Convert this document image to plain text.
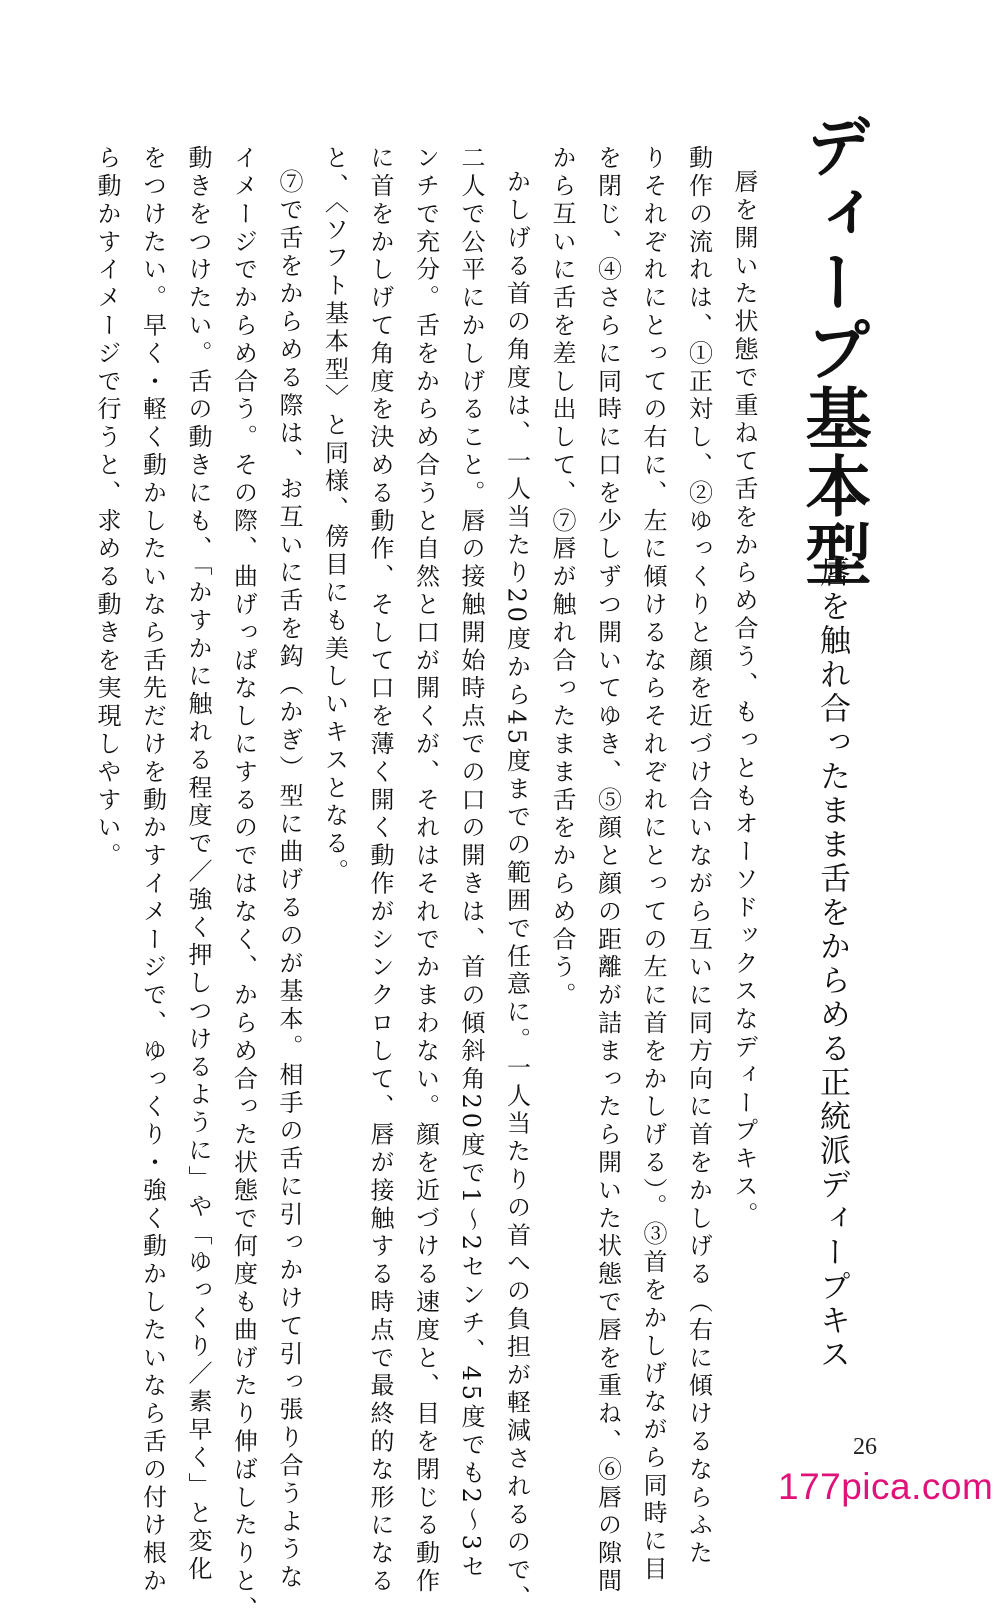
ディープ基本型
唇を触れ合ったまま舌をからめる正統派ディープキス
唇を開いた状態で重ねて舌をからめ合う、もっともオーソドックスなディープキス。
動作の流れは、①正対し、②ゆっくりと顔を近づけ合いながら互いに同方向に首をかしげる（右に傾けるならふた
りそれぞれにとっての右に、左に傾けるならそれぞれにとっての左に首をかしげる）。③首をかしげながら同時に目
を閉じ、④さらに同時に口を少しずつ開いてゆき、⑤顔と顔の距離が詰まったら開いた状態で唇を重ね、⑥唇の隙間
から互いに舌を差し出して、⑦唇が触れ合ったまま舌をからめ合う。
かしげる首の角度は、一人当たり20度から45度までの範囲で任意に。一人当たりの首への負担が軽減されるので、
二人で公平にかしげること。唇の接触開始時点での口の開きは、首の傾斜角20度で1～2センチ、45度でも2～3セ
ンチで充分。舌をからめ合うと自然と口が開くが、それはそれでかまわない。顔を近づける速度と、目を閉じる動作
に首をかしげて角度を決める動作、そして口を薄く開く動作がシンクロして、唇が接触する時点で最終的な形になる
と、〈ソフト基本型〉と同様、傍目にも美しいキスとなる。
⑦で舌をからめる際は、お互いに舌を鈎（かぎ）型に曲げるのが基本。相手の舌に引っかけて引っ張り合うような
イメージでからめ合う。その際、曲げっぱなしにするのではなく、からめ合った状態で何度も曲げたり伸ばしたりと、
動きをつけたい。舌の動きにも、「かすかに触れる程度で／強く押しつけるように」や「ゆっくり／素早く」と変化
をつけたい。早く・軽く動かしたいなら舌先だけを動かすイメージで、ゆっくり・強く動かしたいなら舌の付け根か
ら動かすイメージで行うと、求める動きを実現しやすい。
26
177pica.com
